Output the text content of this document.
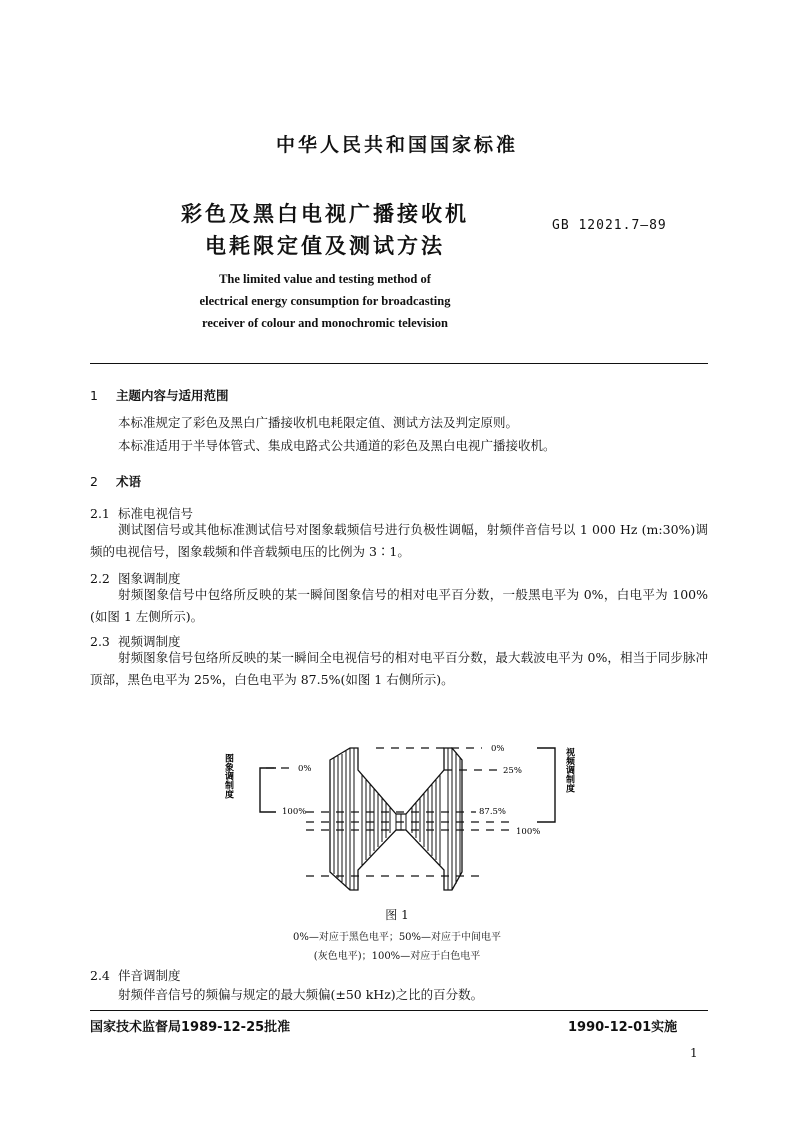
中华人民共和国国家标准
彩色及黑白电视广播接收机
电耗限定值及测试方法
GB 12021.7—89
The limited value and testing method of
electrical energy consumption for broadcasting
receiver of colour and monochromic television
1 主题内容与适用范围
本标准规定了彩色及黑白广播接收机电耗限定值、测试方法及判定原则。
本标准适用于半导体管式、集成电路式公共通道的彩色及黑白电视广播接收机。
2 术语
2.1 标准电视信号
测试图信号或其他标准测试信号对图象载频信号进行负极性调幅，射频伴音信号以 1 000 Hz (m:30%)调频的电视信号，图象载频和伴音载频电压的比例为 3∶1。
2.2 图象调制度
射频图象信号中包络所反映的某一瞬间图象信号的相对电平百分数，一般黑电平为 0%，白电平为 100%(如图 1 左侧所示)。
2.3 视频调制度
射频图象信号包络所反映的某一瞬间全电视信号的相对电平百分数，最大载波电平为 0%，相当于同步脉冲顶部，黑色电平为 25%，白色电平为 87.5%(如图 1 右侧所示)。
图象调制度	视频调制度
0%
100%
0%
25%
87.5%
100%
图 1
0%—对应于黑色电平；50%—对应于中间电平
(灰色电平)；100%—对应于白色电平
2.4 伴音调制度
射频伴音信号的频偏与规定的最大频偏(±50 kHz)之比的百分数。
国家技术监督局1989-12-25批准	1990-12-01实施
1
